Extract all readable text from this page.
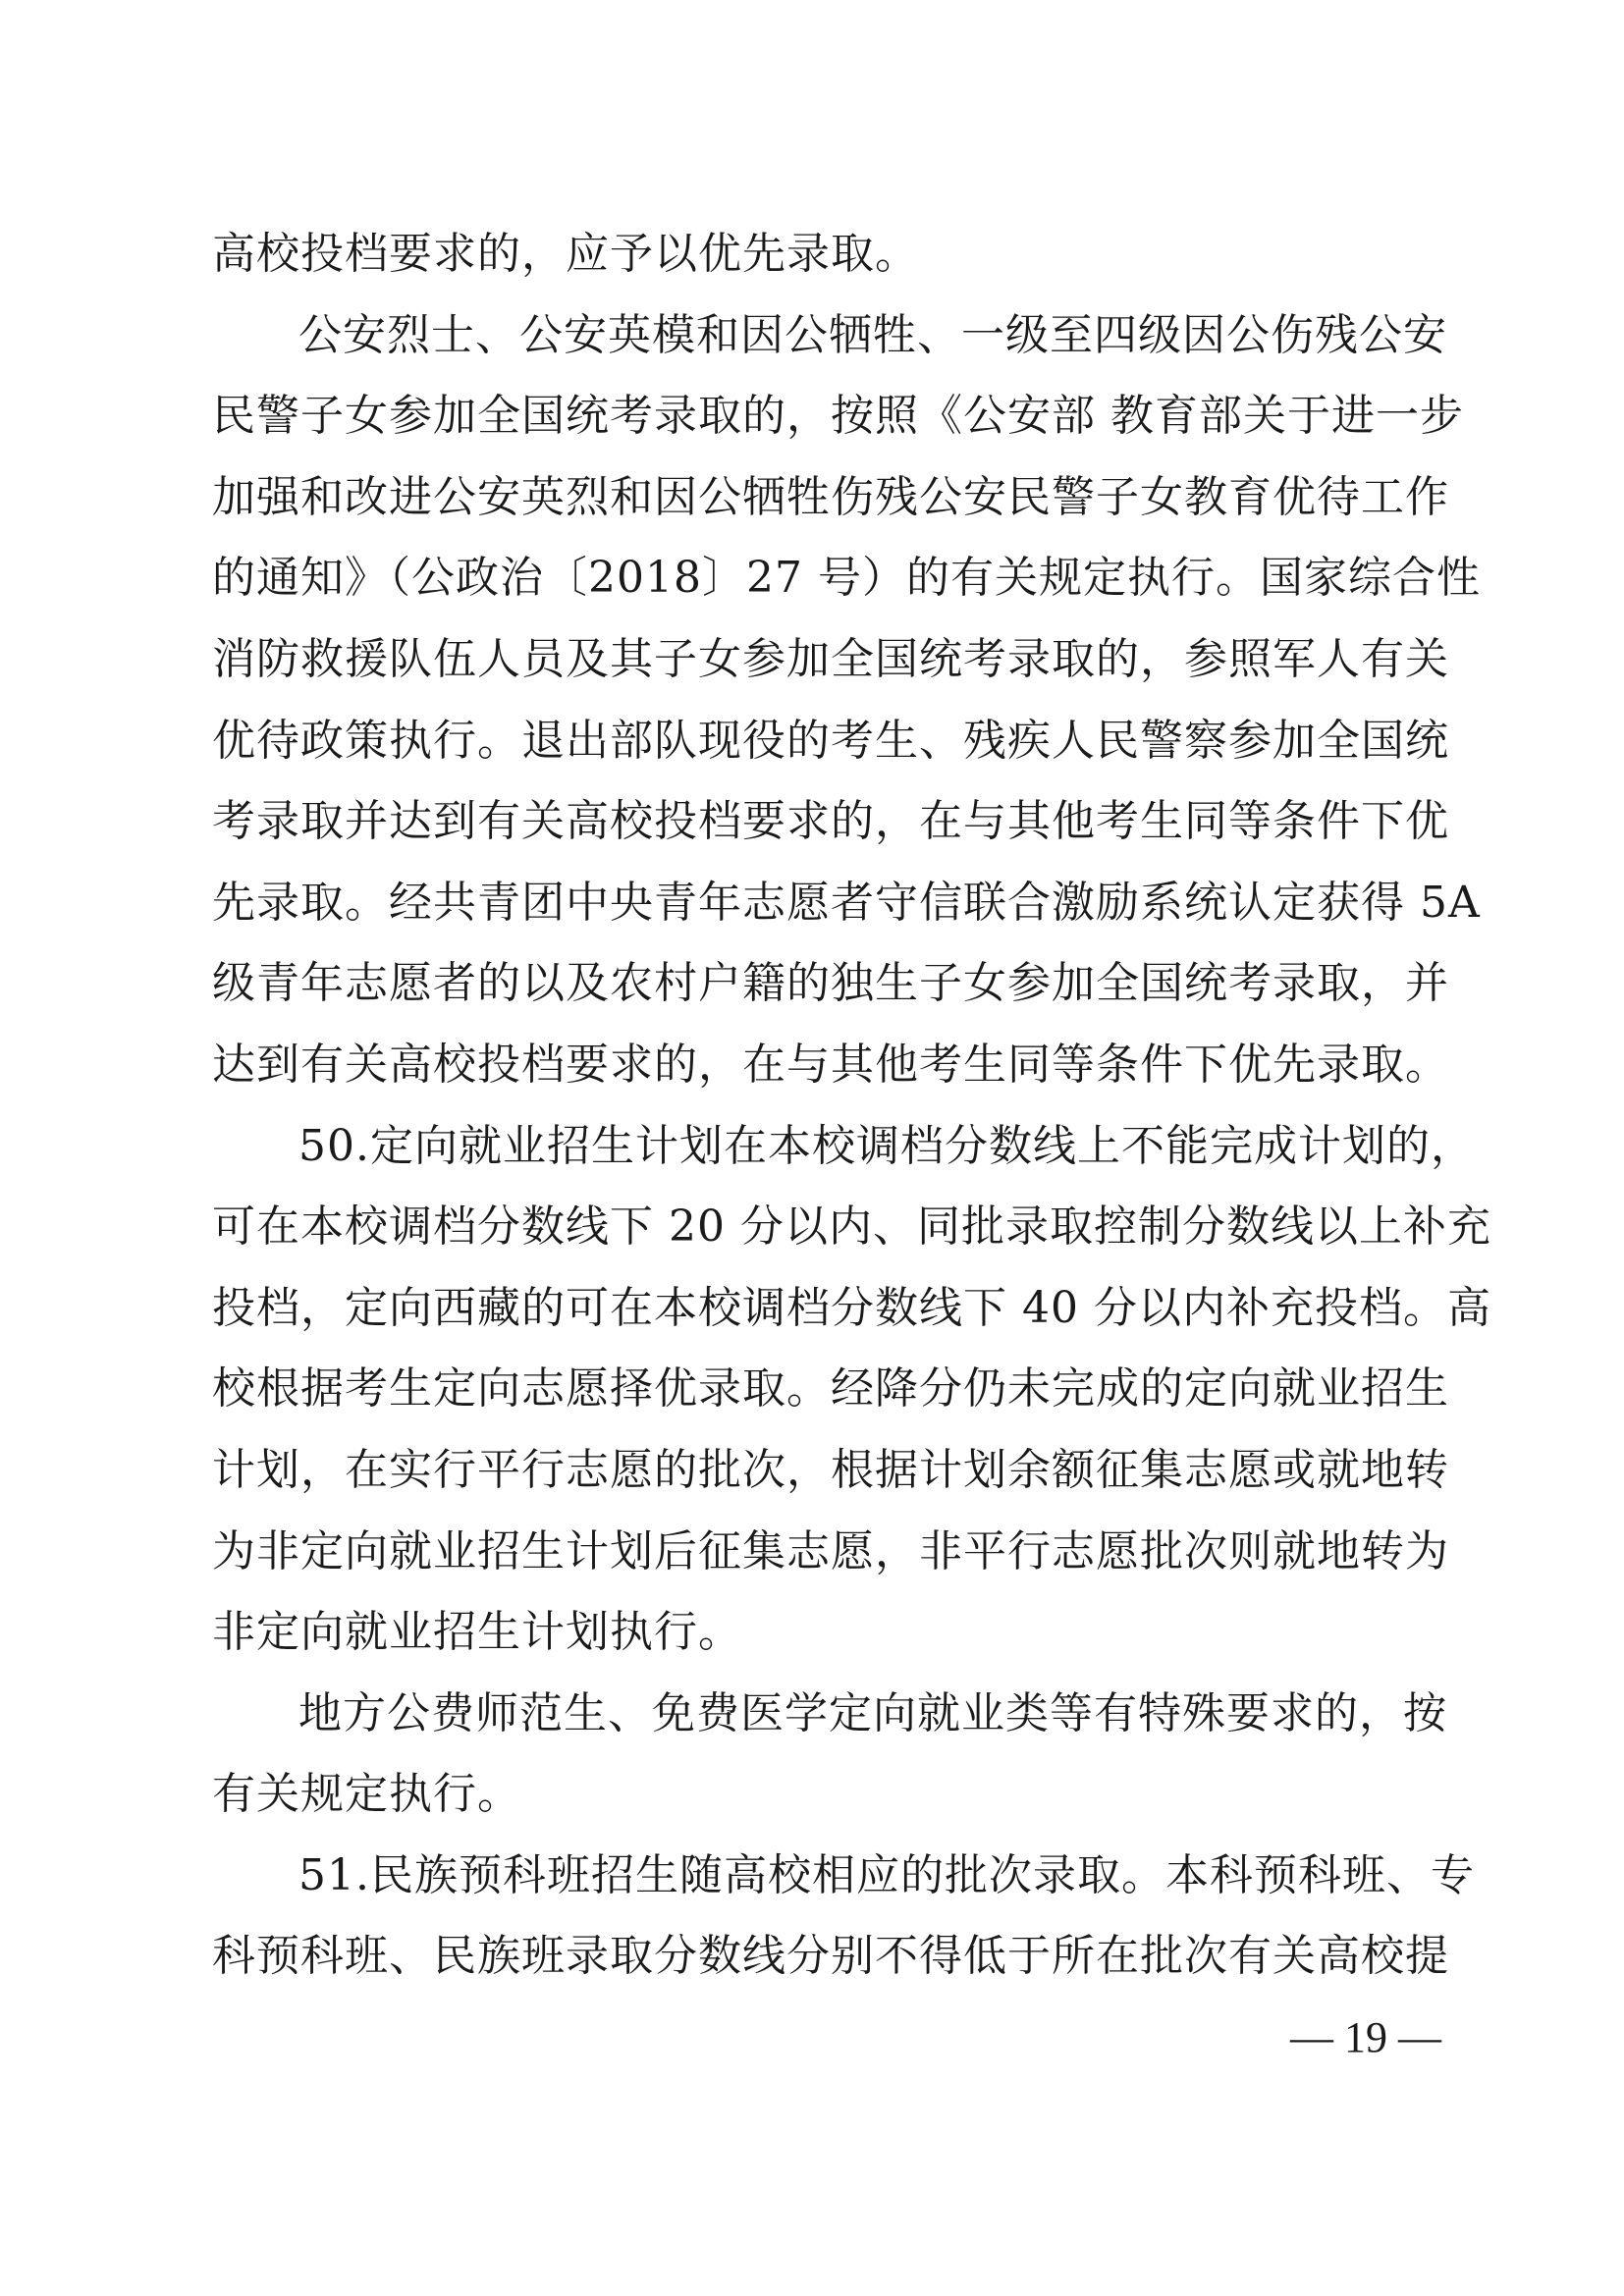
高校投档要求的，应予以优先录取。
公安烈士、公安英模和因公牺牲、一级至四级因公伤残公安
民警子女参加全国统考录取的，按照《公安部 教育部关于进一步
加强和改进公安英烈和因公牺牲伤残公安民警子女教育优待工作
的通知》（公政治〔2018〕27 号）的有关规定执行。国家综合性
消防救援队伍人员及其子女参加全国统考录取的，参照军人有关
优待政策执行。退出部队现役的考生、残疾人民警察参加全国统
考录取并达到有关高校投档要求的，在与其他考生同等条件下优
先录取。经共青团中央青年志愿者守信联合激励系统认定获得 5A
级青年志愿者的以及农村户籍的独生子女参加全国统考录取，并
达到有关高校投档要求的，在与其他考生同等条件下优先录取。
50.定向就业招生计划在本校调档分数线上不能完成计划的，
可在本校调档分数线下 20 分以内、同批录取控制分数线以上补充
投档，定向西藏的可在本校调档分数线下 40 分以内补充投档。高
校根据考生定向志愿择优录取。经降分仍未完成的定向就业招生
计划，在实行平行志愿的批次，根据计划余额征集志愿或就地转
为非定向就业招生计划后征集志愿，非平行志愿批次则就地转为
非定向就业招生计划执行。
地方公费师范生、免费医学定向就业类等有特殊要求的，按
有关规定执行。
51.民族预科班招生随高校相应的批次录取。本科预科班、专
科预科班、民族班录取分数线分别不得低于所在批次有关高校提
— 19 —
